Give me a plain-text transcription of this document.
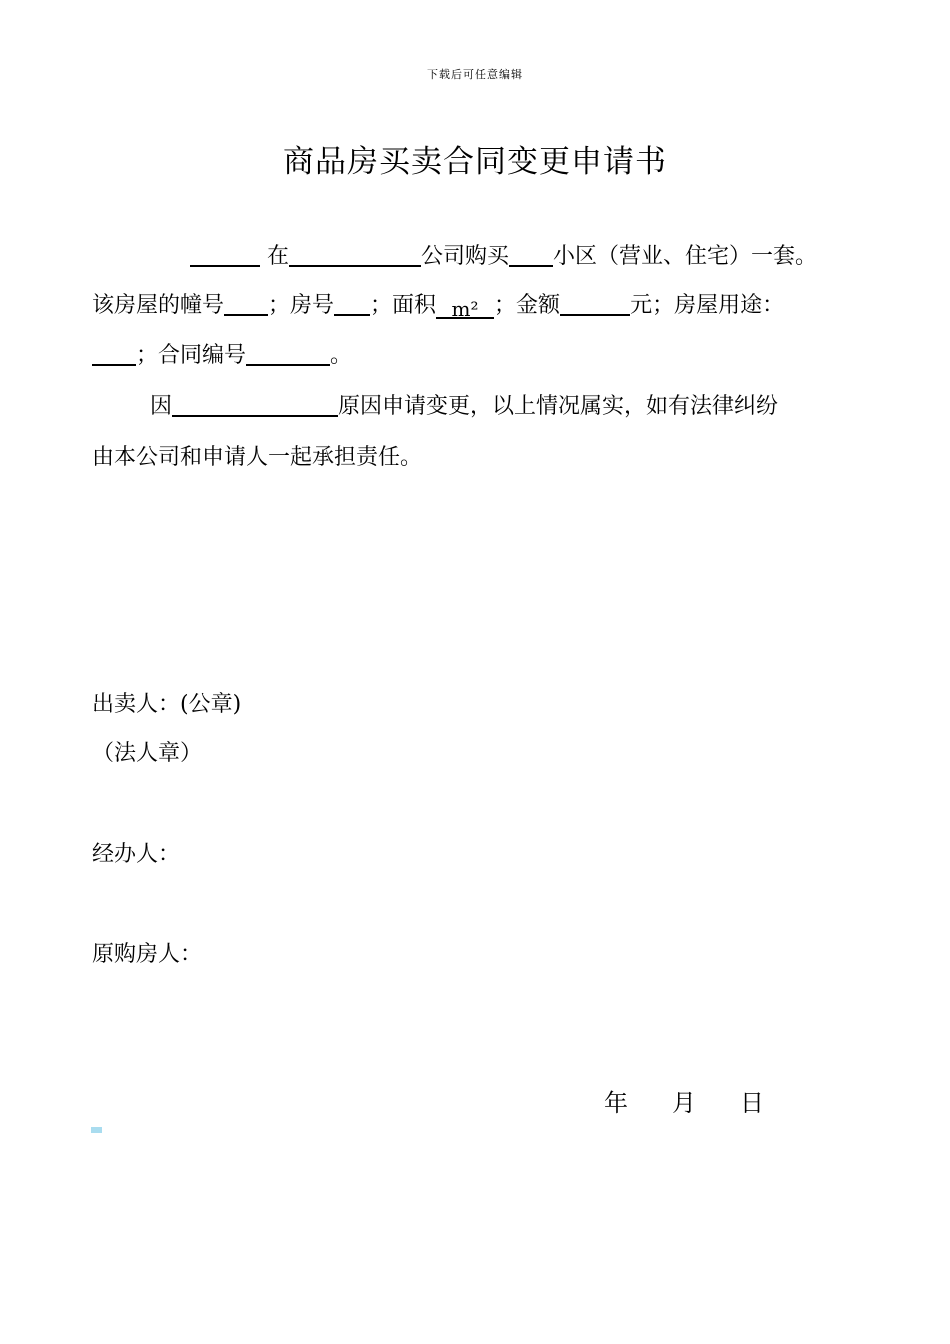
下载后可任意编辑
商品房买卖合同变更申请书
在	公司购买 小区（营业、住宅）一套。
该房屋的幢号 ；房号 ；面积 m² ；金额	元；房屋用途：
；合同编号	。
因	原因申请变更，以上情况属实，如有法律纠纷
由本公司和申请人一起承担责任。
出卖人：(公章)
（法人章）
经办人：
原购房人：
年 月 日
